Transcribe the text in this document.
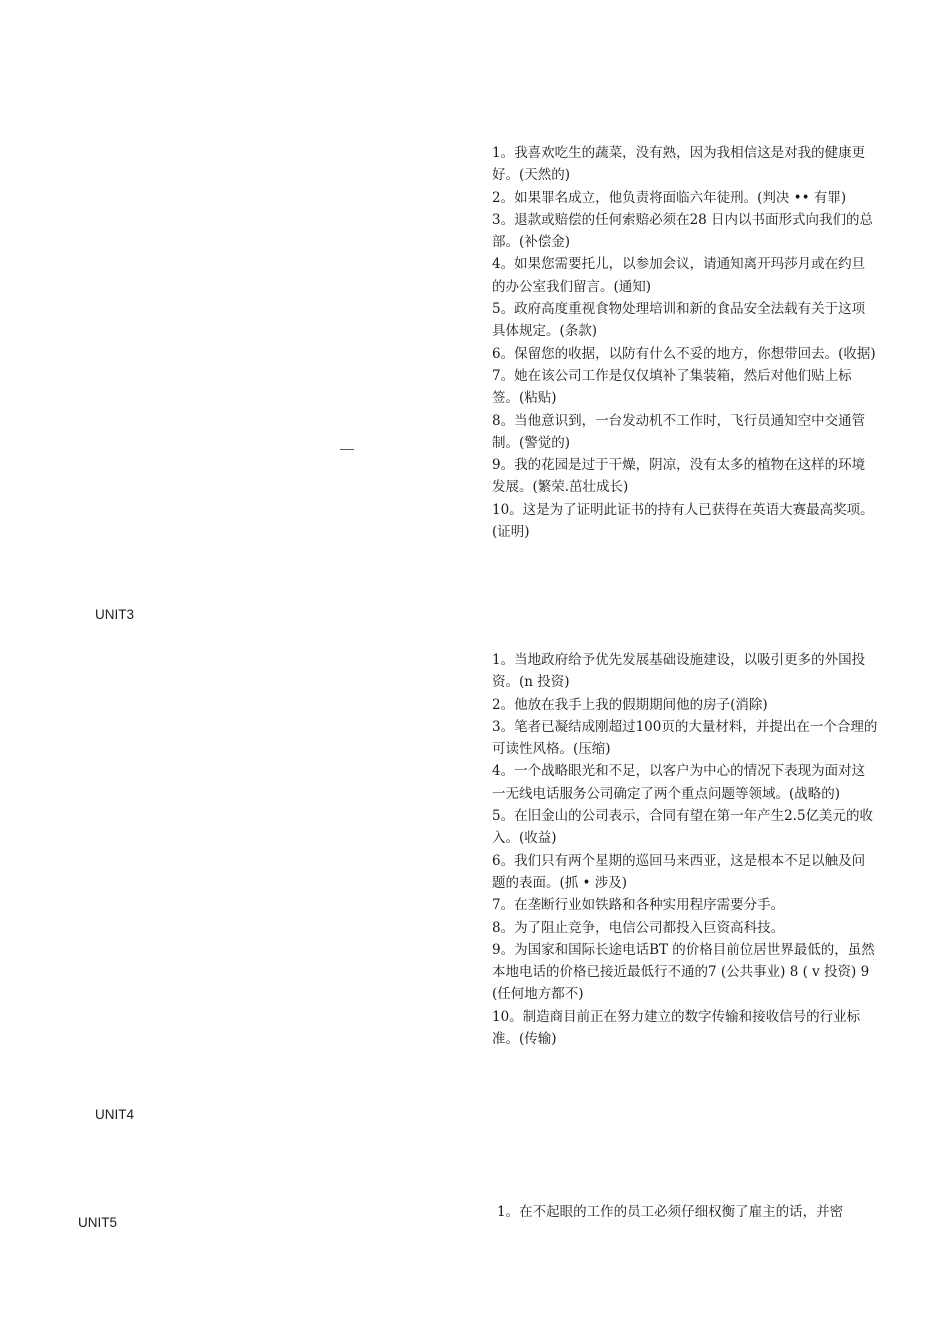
1。我喜欢吃生的蔬菜，没有熟，因为我相信这是对我的健康更好。(天然的)

2。如果罪名成立，他负责将面临六年徒刑。(判决 •• 有罪)

3。退款或赔偿的任何索赔必须在28 日内以书面形式向我们的总部。(补偿金)

4。如果您需要托儿，以参加会议，请通知离开玛莎月或在约旦的办公室我们留言。(通知)

5。政府高度重视食物处理培训和新的食品安全法载有关于这项具体规定。(条款)

6。保留您的收据，以防有什么不妥的地方，你想带回去。(收据)

7。她在该公司工作是仅仅填补了集装箱，然后对他们贴上标签。(粘贴)

8。当他意识到，一台发动机不工作时，飞行员通知空中交通管制。(警觉的)

9。我的花园是过于干燥，阴凉，没有太多的植物在这样的环境发展。(繁荣.茁壮成长)

10。这是为了证明此证书的持有人已获得在英语大赛最高奖项。(证明)

UNIT3

1。当地政府给予优先发展基础设施建设，以吸引更多的外国投资。(n 投资)

2。他放在我手上我的假期期间他的房子(消除)

3。笔者已凝结成刚超过100页的大量材料，并提出在一个合理的可读性风格。(压缩)

4。一个战略眼光和不足，以客户为中心的情况下表现为面对这一无线电话服务公司确定了两个重点问题等领域。(战略的)

5。在旧金山的公司表示，合同有望在第一年产生2.5亿美元的收入。(收益)

6。我们只有两个星期的巡回马来西亚，这是根本不足以触及问题的表面。(抓 • 涉及)

7。在垄断行业如铁路和各种实用程序需要分手。

8。为了阻止竞争，电信公司都投入巨资高科技。

9。为国家和国际长途电话BT 的价格目前位居世界最低的，虽然本地电话的价格已接近最低行不通的7 (公共事业) 8 ( v 投资) 9 (任何地方都不)

10。制造商目前正在努力建立的数字传输和接收信号的行业标准。(传输)

UNIT4
UNIT5

1。在不起眼的工作的员工必须仔细权衡了雇主的话，并密
